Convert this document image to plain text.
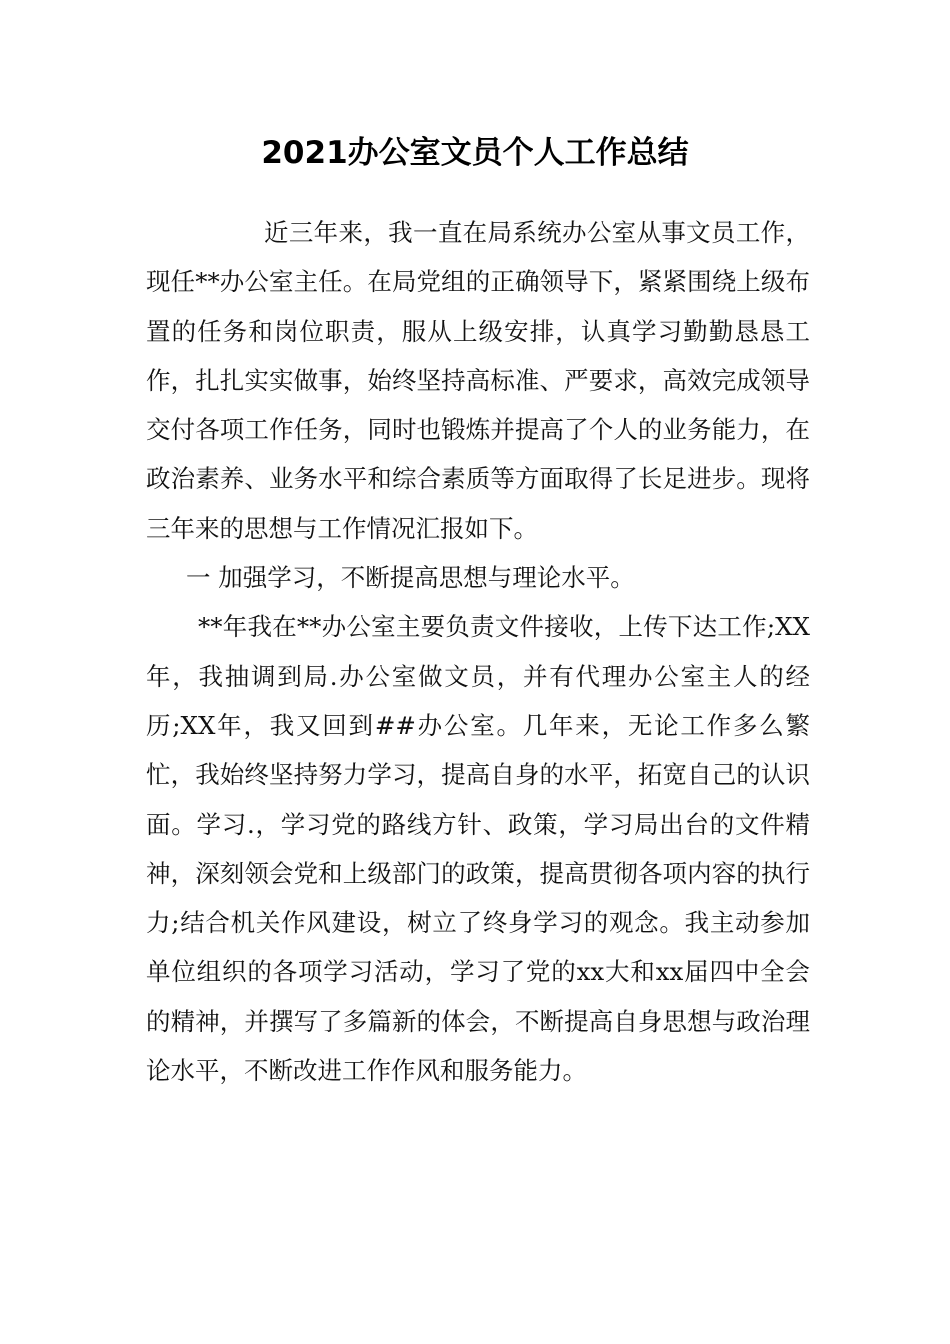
2021办公室文员个人工作总结

近三年来，我一直在局系统办公室从事文员工作，现任**办公室主任。在局党组的正确领导下，紧紧围绕上级布置的任务和岗位职责，服从上级安排，认真学习勤勤恳恳工作，扎扎实实做事，始终坚持高标准、严要求，高效完成领导交付各项工作任务，同时也锻炼并提高了个人的业务能力，在政治素养、业务水平和综合素质等方面取得了长足进步。现将三年来的思想与工作情况汇报如下。

一 加强学习，不断提高思想与理论水平。

**年我在**办公室主要负责文件接收，上传下达工作;XX年，我抽调到局.办公室做文员，并有代理办公室主人的经历;XX年，我又回到##办公室。几年来，无论工作多么繁忙，我始终坚持努力学习，提高自身的水平，拓宽自己的认识面。学习.，学习党的路线方针、政策，学习局出台的文件精神，深刻领会党和上级部门的政策，提高贯彻各项内容的执行力;结合机关作风建设，树立了终身学习的观念。我主动参加单位组织的各项学习活动，学习了党的xx大和xx届四中全会的精神，并撰写了多篇新的体会，不断提高自身思想与政治理论水平，不断改进工作作风和服务能力。
